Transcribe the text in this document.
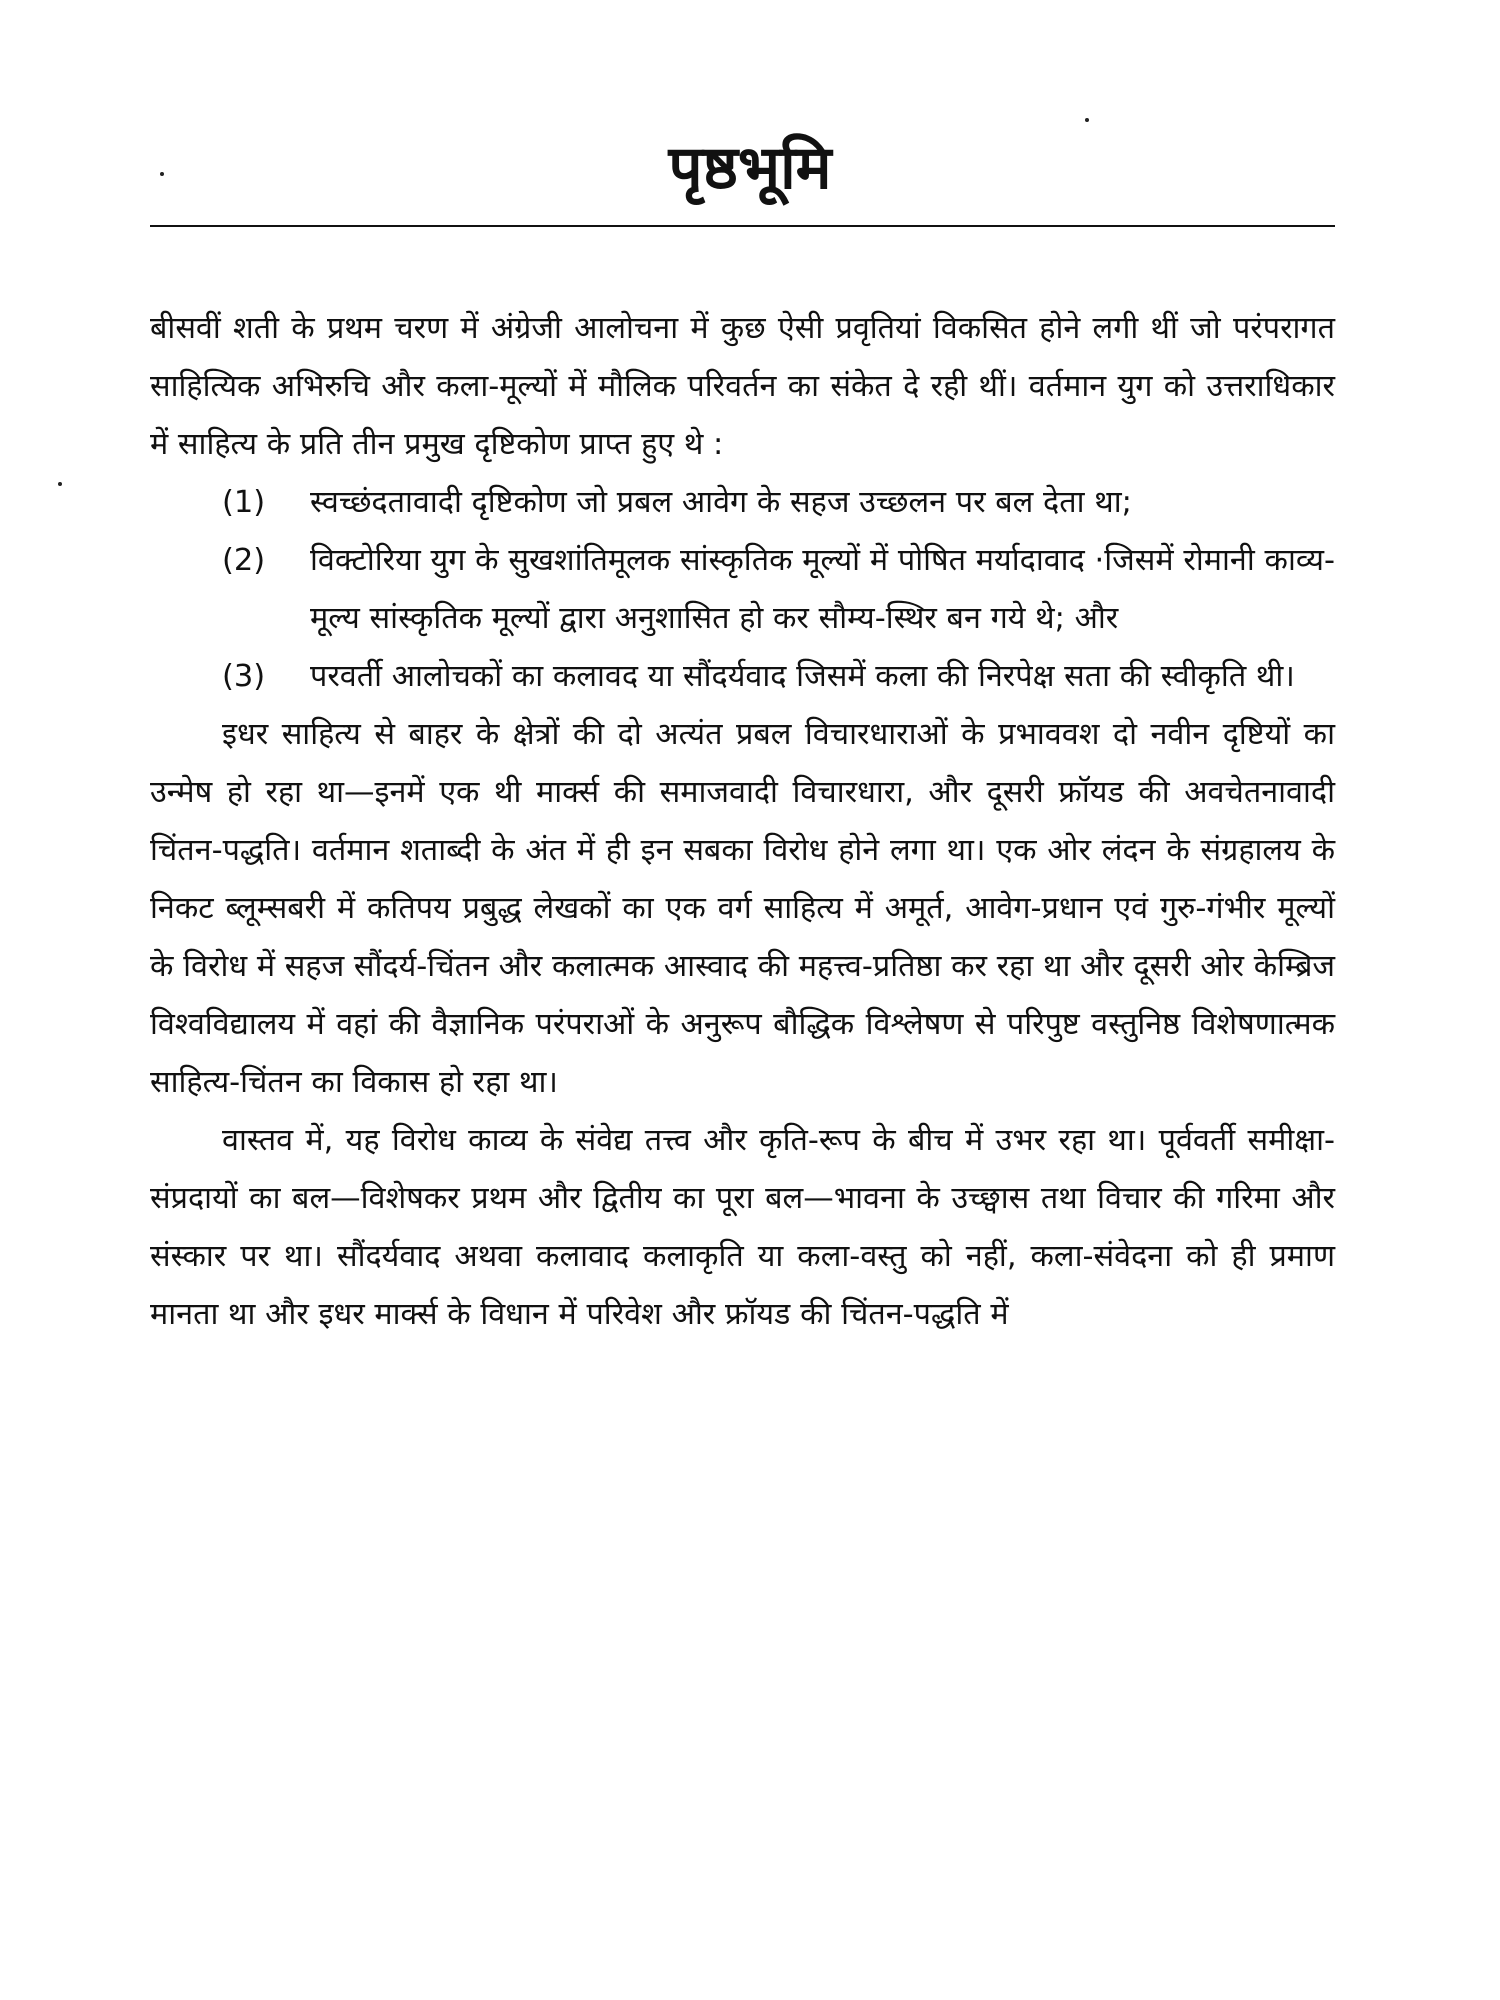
पृष्ठभूमि

बीसवीं शती के प्रथम चरण में अंग्रेजी आलोचना में कुछ ऐसी प्रवृतियां विकसित होने लगी थीं जो परंपरागत साहित्यिक अभिरुचि और कला-मूल्यों में मौलिक परिवर्तन का संकेत दे रही थीं। वर्तमान युग को उत्तराधिकार में साहित्य के प्रति तीन प्रमुख दृष्टिकोण प्राप्त हुए थे :

(1) स्वच्छंदतावादी दृष्टिकोण जो प्रबल आवेग के सहज उच्छलन पर बल देता था;
(2) विक्टोरिया युग के सुखशांतिमूलक सांस्कृतिक मूल्यों में पोषित मर्यादावाद ·जिसमें रोमानी काव्य-मूल्य सांस्कृतिक मूल्यों द्वारा अनुशासित हो कर सौम्य-स्थिर बन गये थे; और
(3) परवर्ती आलोचकों का कलावद या सौंदर्यवाद जिसमें कला की निरपेक्ष सता की स्वीकृति थी।

इधर साहित्य से बाहर के क्षेत्रों की दो अत्यंत प्रबल विचारधाराओं के प्रभाववश दो नवीन दृष्टियों का उन्मेष हो रहा था—इनमें एक थी मार्क्स की समाजवादी विचारधारा, और दूसरी फ्रॉयड की अवचेतनावादी चिंतन-पद्धति। वर्तमान शताब्दी के अंत में ही इन सबका विरोध होने लगा था। एक ओर लंदन के संग्रहालय के निकट ब्लूम्सबरी में कतिपय प्रबुद्ध लेखकों का एक वर्ग साहित्य में अमूर्त, आवेग-प्रधान एवं गुरु-गंभीर मूल्यों के विरोध में सहज सौंदर्य-चिंतन और कलात्मक आस्वाद की महत्त्व-प्रतिष्ठा कर रहा था और दूसरी ओर केम्ब्रिज विश्वविद्यालय में वहां की वैज्ञानिक परंपराओं के अनुरूप बौद्धिक विश्लेषण से परिपुष्ट वस्तुनिष्ठ विशेषणात्मक साहित्य-चिंतन का विकास हो रहा था।

वास्तव में, यह विरोध काव्य के संवेद्य तत्त्व और कृति-रूप के बीच में उभर रहा था। पूर्ववर्ती समीक्षा-संप्रदायों का बल—विशेषकर प्रथम और द्वितीय का पूरा बल—भावना के उच्छ्वास तथा विचार की गरिमा और संस्कार पर था। सौंदर्यवाद अथवा कलावाद कलाकृति या कला-वस्तु को नहीं, कला-संवेदना को ही प्रमाण मानता था और इधर मार्क्स के विधान में परिवेश और फ्रॉयड की चिंतन-पद्धति में
